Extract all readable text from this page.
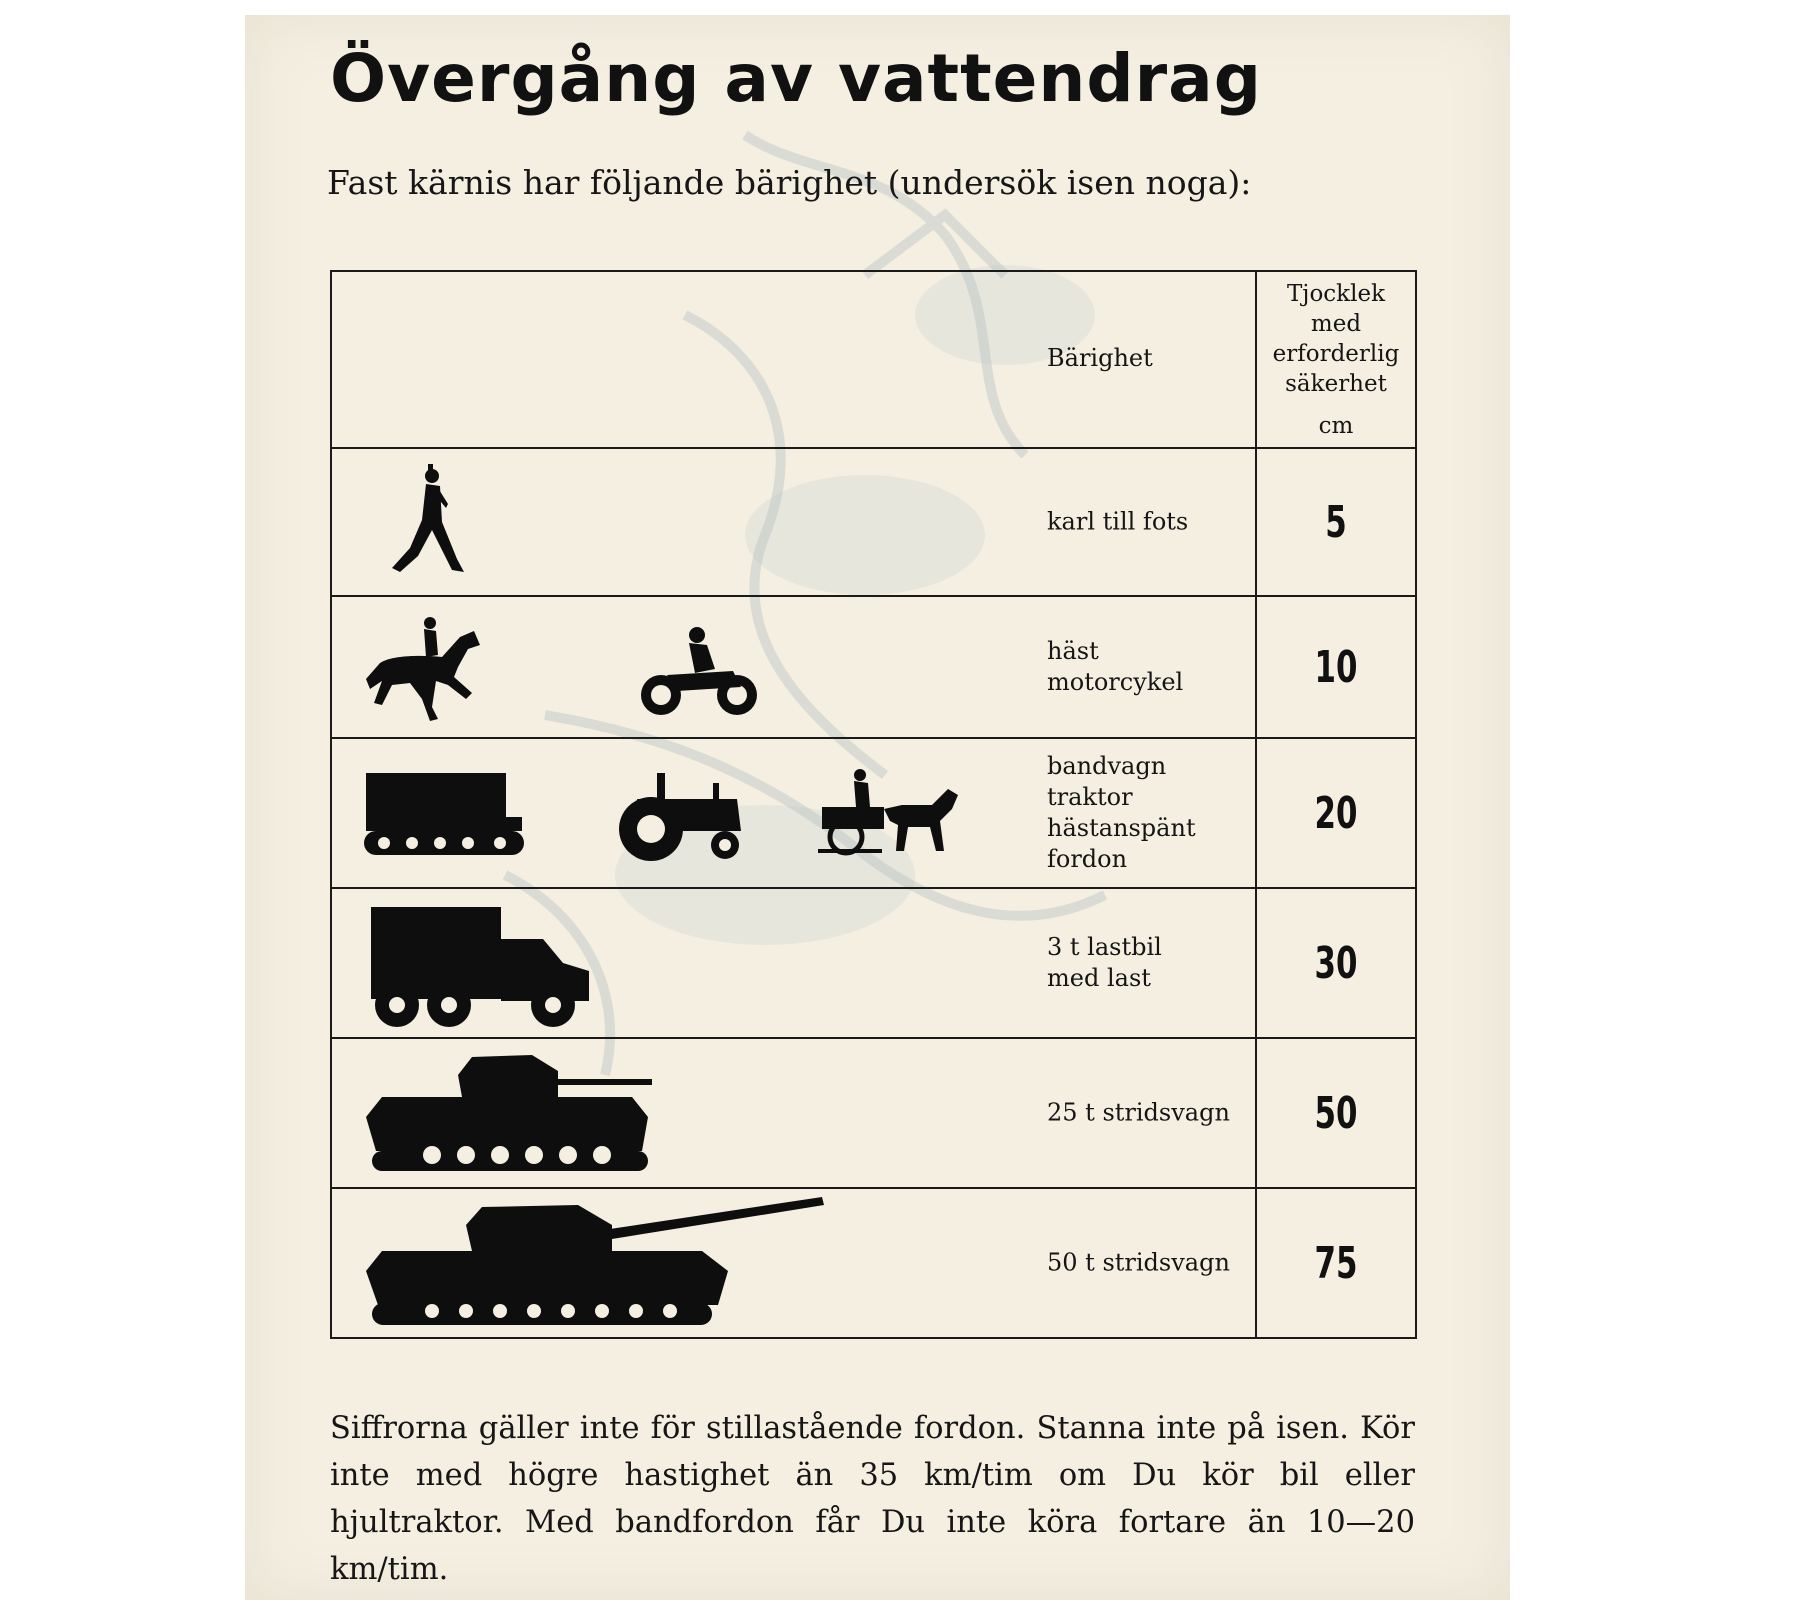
Övergång av vattendrag

Fast kärnis har följande bärighet (undersök isen noga):

Bärighet	Tjocklek
med
erforderlig
säkerhet
cm

karl till fots	5

häst
motorcykel	10

bandvagn
traktor
hästanspänt
fordon	20

3 t lastbil
med last	30

25 t stridsvagn	50

50 t stridsvagn	75

Siffrorna gäller inte för stillastående fordon. Stanna inte på isen. Kör inte med högre hastighet än 35 km/tim om Du kör bil eller hjultraktor. Med bandfordon får Du inte köra fortare än 10—20 km/tim.
